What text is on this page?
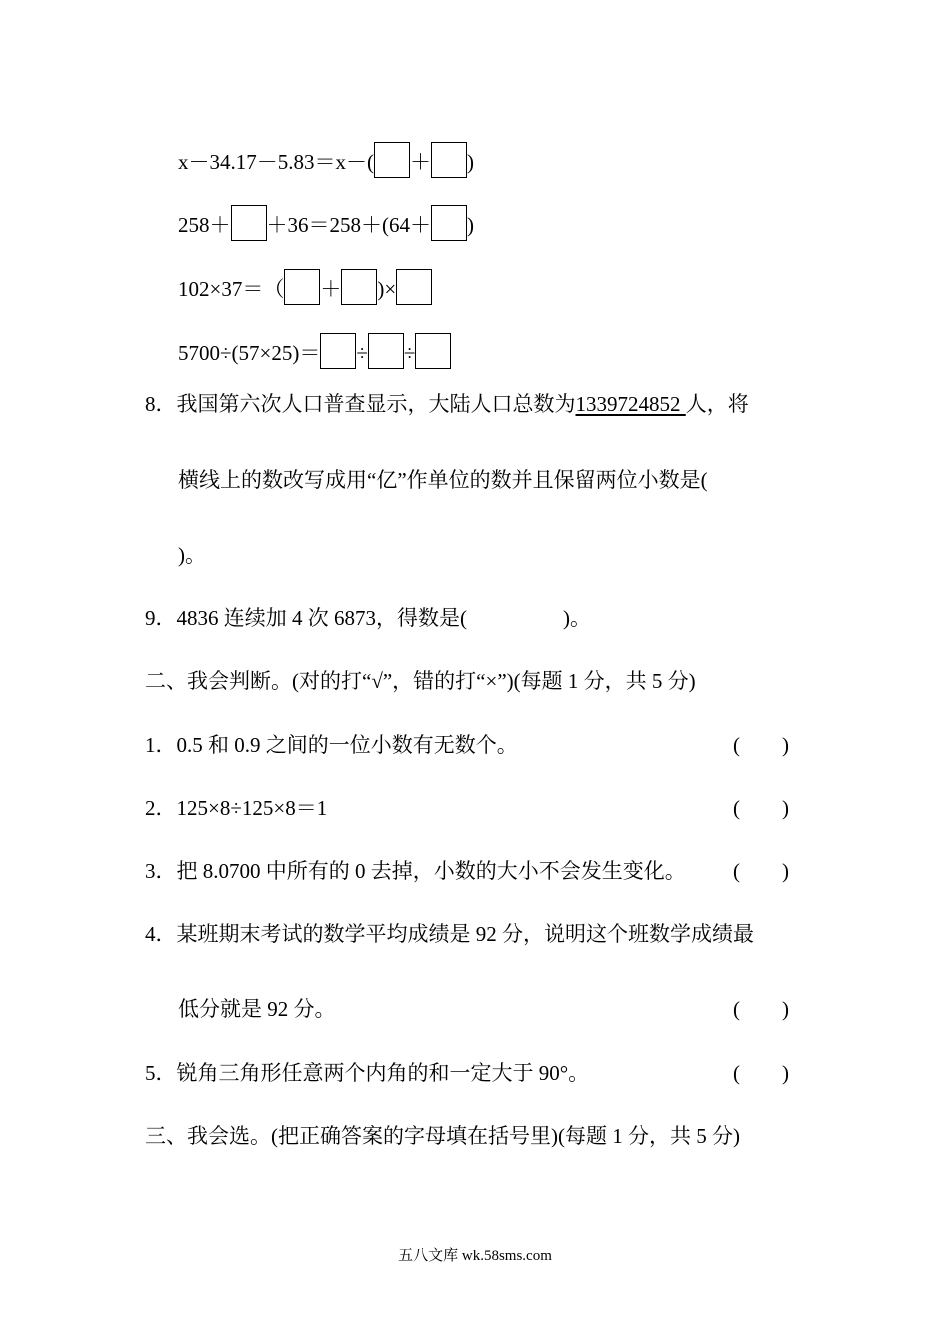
x－34.17－5.83＝x－( ＋ )
258＋ ＋36＝258＋(64＋ )
102×37＝（ ＋ )×
5700÷(57×25)＝ ÷ ÷
8．我国第六次人口普查显示，大陆人口总数为1339724852 人，将
横线上的数改写成用“亿”作单位的数并且保留两位小数是(
)。
9．4836 连续加 4 次 6873，得数是(	)。
二、我会判断。(对的打“√”，错的打“×”)(每题 1 分，共 5 分)
1．0.5 和 0.9 之间的一位小数有无数个。	(        )
2．125×8÷125×8＝1	(        )
3．把 8.0700 中所有的 0 去掉，小数的大小不会发生变化。 (        )
4．某班期末考试的数学平均成绩是 92 分，说明这个班数学成绩最
低分就是 92 分。	(        )
5．锐角三角形任意两个内角的和一定大于 90°。	(        )
三、我会选。(把正确答案的字母填在括号里)(每题 1 分，共 5 分)
五八文库 wk.58sms.com
